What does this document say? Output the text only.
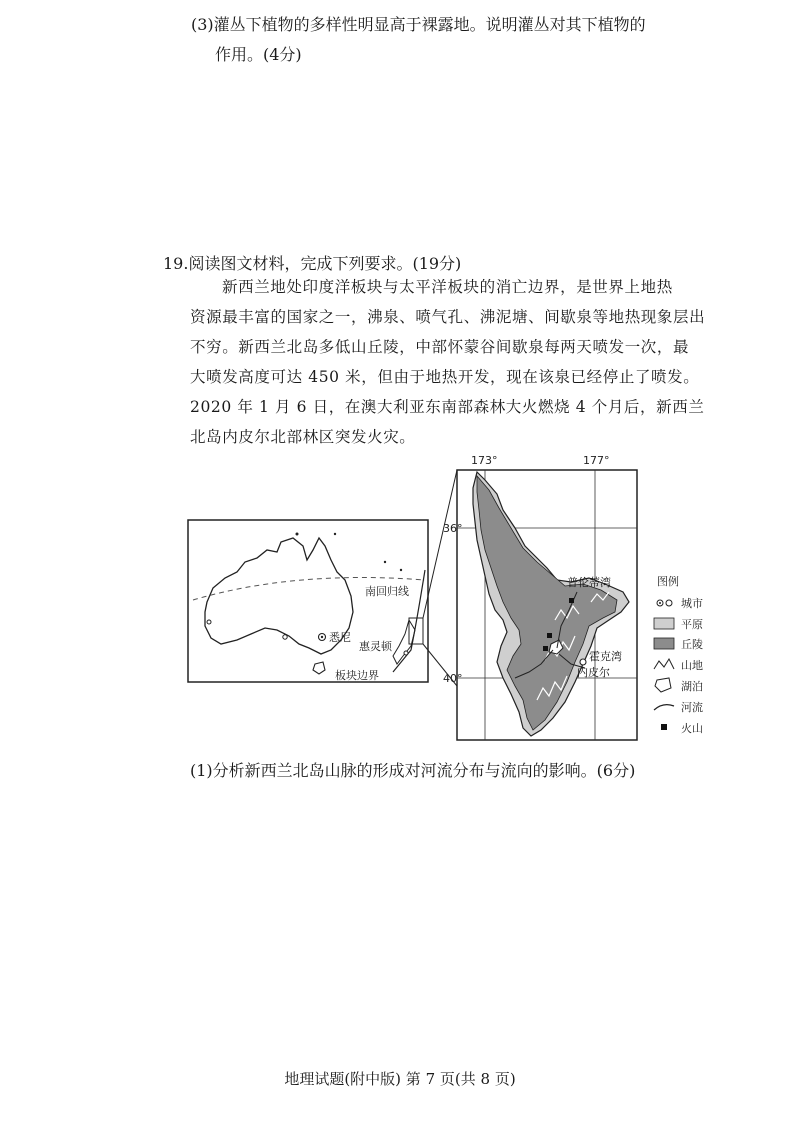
(3)灌丛下植物的多样性明显高于裸露地。说明灌丛对其下植物的
作用。(4分)
19.阅读图文材料，完成下列要求。(19分)
新西兰地处印度洋板块与太平洋板块的消亡边界，是世界上地热
资源最丰富的国家之一，沸泉、喷气孔、沸泥塘、间歇泉等地热现象层出
不穷。新西兰北岛多低山丘陵，中部怀蒙谷间歇泉每两天喷发一次，最
大喷发高度可达 450 米，但由于地热开发，现在该泉已经停止了喷发。
2020 年 1 月 6 日，在澳大利亚东南部森林大火燃烧 4 个月后，新西兰
北岛内皮尔北部林区突发火灾。
南回归线
悉尼
惠灵顿
板块边界
173°	177°
36°
40°
普伦蒂湾
霍克湾
内皮尔
图例
城市
平原
丘陵
山地
湖泊
河流
火山
(1)分析新西兰北岛山脉的形成对河流分布与流向的影响。(6分)
地理试题(附中版) 第 7 页(共 8 页)
